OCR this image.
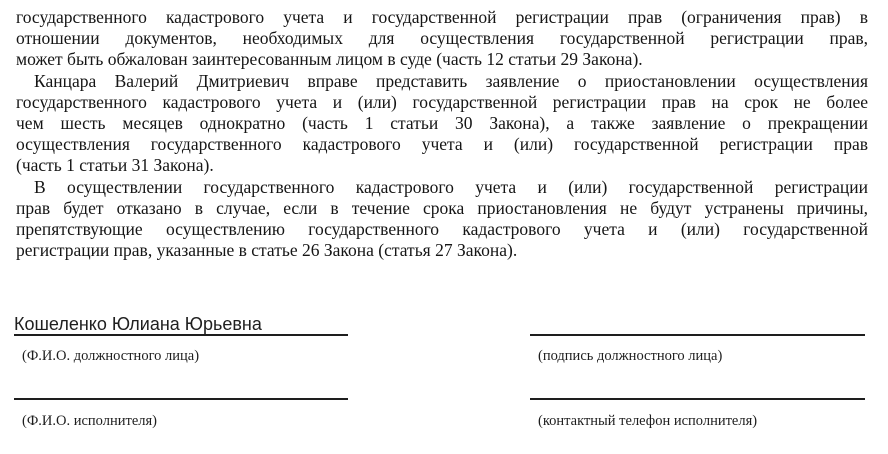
государственного кадастрового учета и государственной регистрации прав (ограничения прав) в
отношении документов, необходимых для осуществления государственной регистрации прав,
может быть обжалован заинтересованным лицом в суде (часть 12 статьи 29 Закона).
Канцара Валерий Дмитриевич вправе представить заявление о приостановлении осуществления
государственного кадастрового учета и (или) государственной регистрации прав на срок не более
чем шесть месяцев однократно (часть 1 статьи 30 Закона), а также заявление о прекращении
осуществления государственного кадастрового учета и (или) государственной регистрации прав
(часть 1 статьи 31 Закона).
В осуществлении государственного кадастрового учета и (или) государственной регистрации
прав будет отказано в случае, если в течение срока приостановления не будут устранены причины,
препятствующие осуществлению государственного кадастрового учета и (или) государственной
регистрации прав, указанные в статье 26 Закона (статья 27 Закона).
Кошеленко Юлиана Юрьевна
(Ф.И.О. должностного лица)	(подпись должностного лица)
(Ф.И.О. исполнителя)	(контактный телефон исполнителя)
